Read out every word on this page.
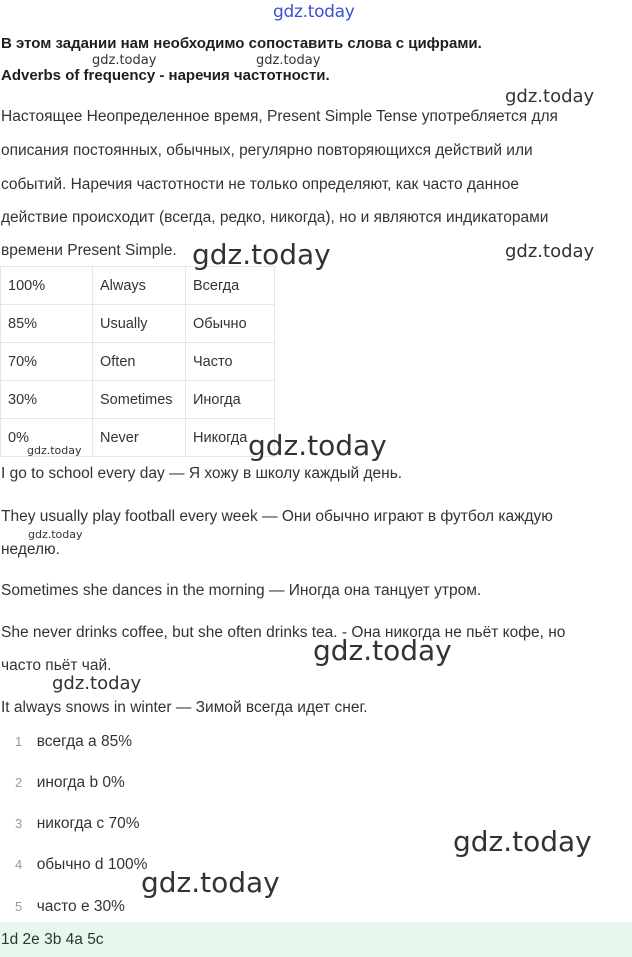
gdz.today
В этом задании нам необходимо сопоставить слова с цифрами.
Adverbs of frequency - наречия частотности.
Настоящее Неопределенное время, Present Simple Tense употребляется для
описания постоянных, обычных, регулярно повторяющихся действий или
событий. Наречия частотности не только определяют, как часто данное
действие происходит (всегда, редко, никогда), но и являются индикаторами
времени Present Simple.
100%	Always	Всегда
85%	Usually	Обычно
70%	Often	Часто
30%	Sometimes	Иногда
0%	Never	Никогда
I go to school every day — Я хожу в школу каждый день.
They usually play football every week — Они обычно играют в футбол каждую
неделю.
Sometimes she dances in the morning — Иногда она танцует утром.
She never drinks coffee, but she often drinks tea. - Она никогда не пьёт кофе, но
часто пьёт чай.
It always snows in winter — Зимой всегда идет снег.
1 всегда a 85%
2 иногда b 0%
3 никогда c 70%
4 обычно d 100%
5 часто e 30%
1d 2e 3b 4a 5c
gdz.today	gdz.today
gdz.today
gdz.today
gdz.today
gdz.today	gdz.today
gdz.today
gdz.today
gdz.today
gdz.today
gdz.today
